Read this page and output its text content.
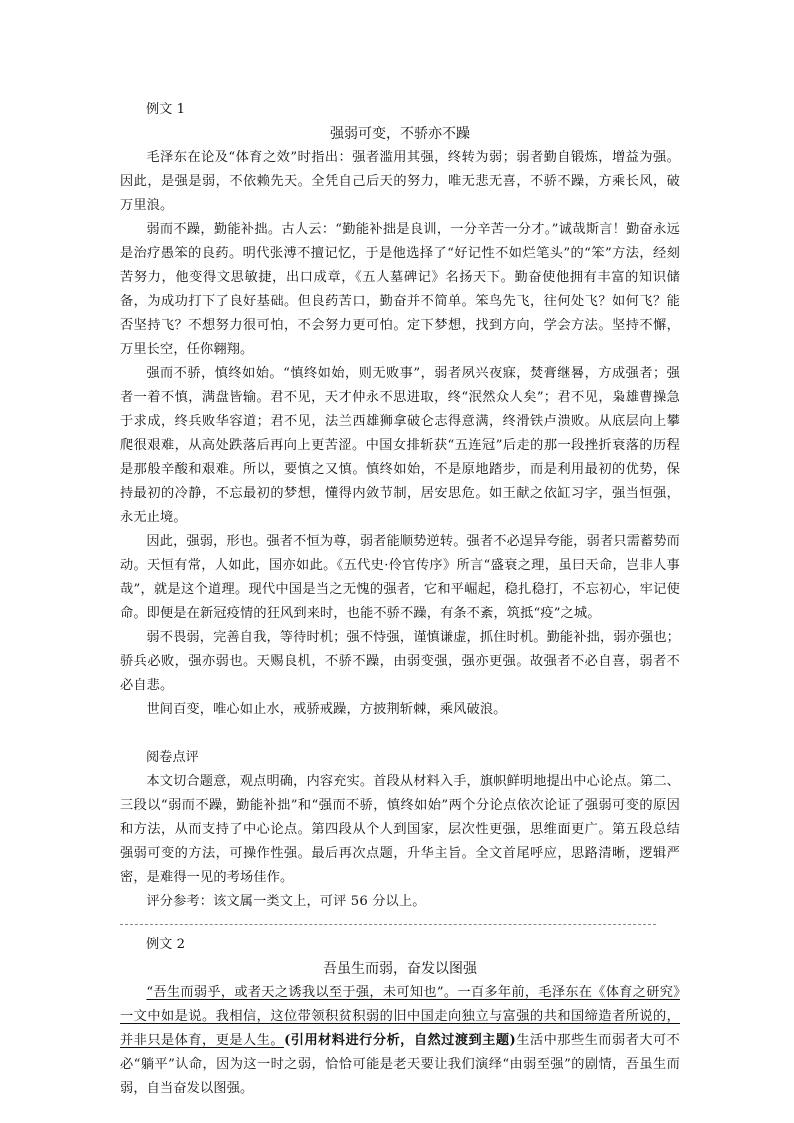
例文 1

强弱可变，不骄亦不躁

毛泽东在论及“体育之效”时指出：强者滥用其强，终转为弱；弱者勤自锻炼，增益为强。因此，是强是弱，不依赖先天。全凭自己后天的努力，唯无悲无喜，不骄不躁，方乘长风，破万里浪。

弱而不躁，勤能补拙。古人云：“勤能补拙是良训，一分辛苦一分才。”诚哉斯言！勤奋永远是治疗愚笨的良药。明代张溥不擅记忆，于是他选择了“好记性不如烂笔头”的“笨”方法，经刻苦努力，他变得文思敏捷，出口成章，《五人墓碑记》名扬天下。勤奋使他拥有丰富的知识储备，为成功打下了良好基础。但良药苦口，勤奋并不简单。笨鸟先飞，往何处飞？如何飞？能否坚持飞？不想努力很可怕，不会努力更可怕。定下梦想，找到方向，学会方法。坚持不懈，万里长空，任你翱翔。

强而不骄，慎终如始。“慎终如始，则无败事”，弱者夙兴夜寐，焚膏继晷，方成强者；强者一着不慎，满盘皆输。君不见，天才仲永不思进取，终“泯然众人矣”；君不见，枭雄曹操急于求成，终兵败华容道；君不见，法兰西雄狮拿破仑志得意满，终滑铁卢溃败。从底层向上攀爬很艰难，从高处跌落后再向上更苦涩。中国女排斩获“五连冠”后走的那一段挫折衰落的历程是那般辛酸和艰难。所以，要慎之又慎。慎终如始，不是原地踏步，而是利用最初的优势，保持最初的冷静，不忘最初的梦想，懂得内敛节制，居安思危。如王献之依缸习字，强当恒强，永无止境。

因此，强弱，形也。强者不恒为尊，弱者能顺势逆转。强者不必逞异夸能，弱者只需蓄势而动。天恒有常，人如此，国亦如此。《五代史·伶官传序》所言“盛衰之理，虽曰天命，岂非人事哉”，就是这个道理。现代中国是当之无愧的强者，它和平崛起，稳扎稳打，不忘初心，牢记使命。即便是在新冠疫情的狂风到来时，也能不骄不躁，有条不紊，筑抵“疫”之城。

弱不畏弱，完善自我，等待时机；强不恃强，谨慎谦虚，抓住时机。勤能补拙，弱亦强也；骄兵必败，强亦弱也。天赐良机，不骄不躁，由弱变强，强亦更强。故强者不必自喜，弱者不必自悲。

世间百变，唯心如止水，戒骄戒躁，方披荆斩棘，乘风破浪。

阅卷点评

本文切合题意，观点明确，内容充实。首段从材料入手，旗帜鲜明地提出中心论点。第二、三段以“弱而不躁，勤能补拙”和“强而不骄，慎终如始”两个分论点依次论证了强弱可变的原因和方法，从而支持了中心论点。第四段从个人到国家，层次性更强，思维面更广。第五段总结强弱可变的方法，可操作性强。最后再次点题，升华主旨。全文首尾呼应，思路清晰，逻辑严密，是难得一见的考场佳作。

评分参考：该文属一类文上，可评 56 分以上。

例文 2

吾虽生而弱，奋发以图强

“吾生而弱乎，或者天之诱我以至于强，未可知也”。一百多年前，毛泽东在《体育之研究》一文中如是说。我相信，这位带领积贫积弱的旧中国走向独立与富强的共和国缔造者所说的，并非只是体育，更是人生。(引用材料进行分析，自然过渡到主题)生活中那些生而弱者大可不必“躺平”认命，因为这一时之弱，恰恰可能是老天要让我们演绎“由弱至强”的剧情，吾虽生而弱，自当奋发以图强。
